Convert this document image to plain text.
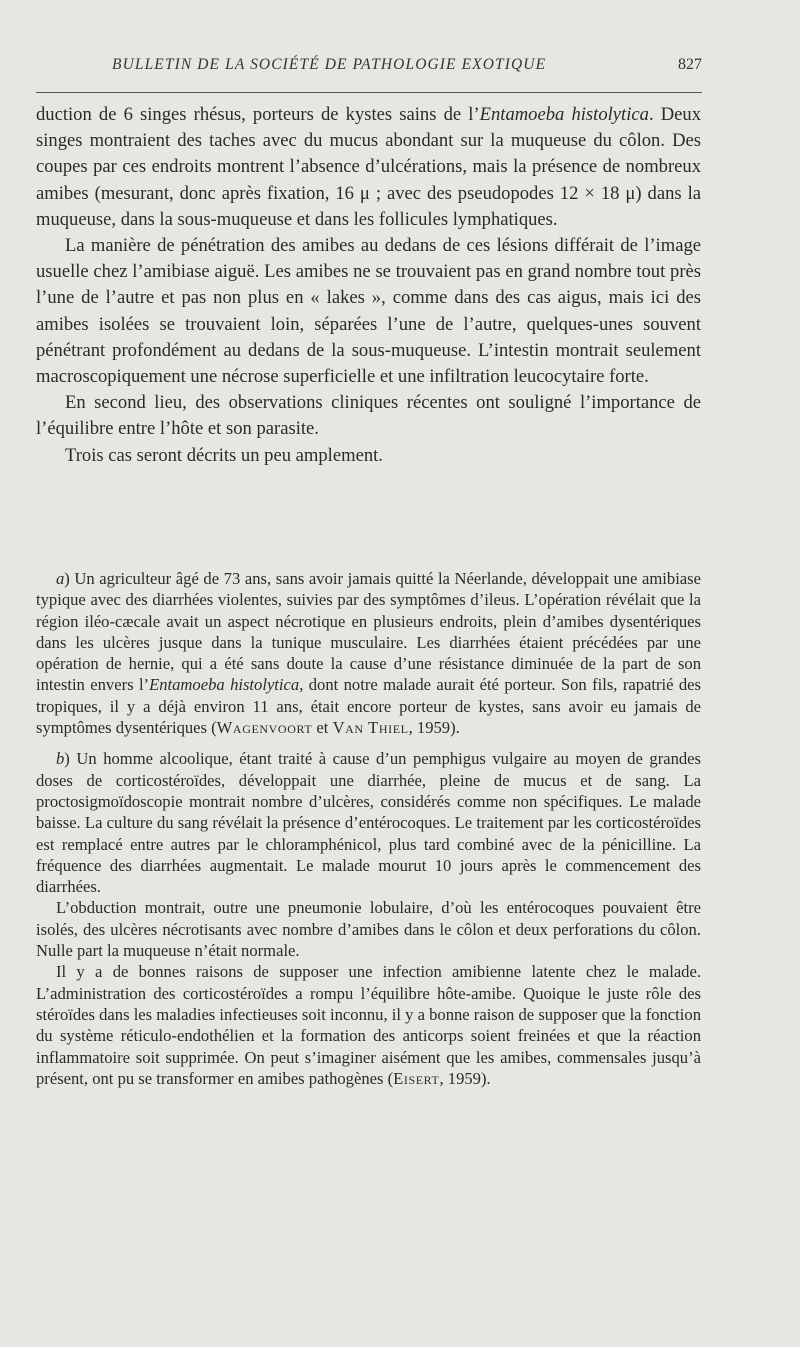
BULLETIN DE LA SOCIÉTÉ DE PATHOLOGIE EXOTIQUE	827

duction de 6 singes rhésus, porteurs de kystes sains de l’Entamoeba histolytica. Deux singes montraient des taches avec du mucus abondant sur la muqueuse du côlon. Des coupes par ces endroits montrent l’absence d’ulcérations, mais la présence de nombreux amibes (mesurant, donc après fixation, 16 μ ; avec des pseudopodes 12 × 18 μ) dans la muqueuse, dans la sous-muqueuse et dans les follicules lymphatiques.

La manière de pénétration des amibes au dedans de ces lésions différait de l’image usuelle chez l’amibiase aiguë. Les amibes ne se trouvaient pas en grand nombre tout près l’une de l’autre et pas non plus en « lakes », comme dans des cas aigus, mais ici des amibes isolées se trouvaient loin, séparées l’une de l’autre, quelques-unes souvent pénétrant profondément au dedans de la sous-muqueuse. L’intestin montrait seulement macroscopiquement une nécrose superficielle et une infiltration leucocytaire forte.

En second lieu, des observations cliniques récentes ont souligné l’importance de l’équilibre entre l’hôte et son parasite.

Trois cas seront décrits un peu amplement.

a) Un agriculteur âgé de 73 ans, sans avoir jamais quitté la Néerlande, développait une amibiase typique avec des diarrhées violentes, suivies par des symptômes d’ileus. L’opération révélait que la région iléo-cæcale avait un aspect nécrotique en plusieurs endroits, plein d’amibes dysentériques dans les ulcères jusque dans la tunique musculaire. Les diarrhées étaient précédées par une opération de hernie, qui a été sans doute la cause d’une résistance diminuée de la part de son intestin envers l’Entamoeba histolytica, dont notre malade aurait été porteur. Son fils, rapatrié des tropiques, il y a déjà environ 11 ans, était encore porteur de kystes, sans avoir eu jamais de symptômes dysentériques (Wagenvoort et Van Thiel, 1959).

b) Un homme alcoolique, étant traité à cause d’un pemphigus vulgaire au moyen de grandes doses de corticostéroïdes, développait une diarrhée, pleine de mucus et de sang. La proctosigmoïdoscopie montrait nombre d’ulcères, considérés comme non spécifiques. Le malade baisse. La culture du sang révélait la présence d’entérocoques. Le traitement par les corticostéroïdes est remplacé entre autres par le chloramphénicol, plus tard combiné avec de la pénicilline. La fréquence des diarrhées augmentait. Le malade mourut 10 jours après le commencement des diarrhées.

L’obduction montrait, outre une pneumonie lobulaire, d’où les entérocoques pouvaient être isolés, des ulcères nécrotisants avec nombre d’amibes dans le côlon et deux perforations du côlon. Nulle part la muqueuse n’était normale.

Il y a de bonnes raisons de supposer une infection amibienne latente chez le malade. L’administration des corticostéroïdes a rompu l’équilibre hôte-amibe. Quoique le juste rôle des stéroïdes dans les maladies infectieuses soit inconnu, il y a bonne raison de supposer que la fonction du système réticulo-endothélien et la formation des anticorps soient freinées et que la réaction inflammatoire soit supprimée. On peut s’imaginer aisément que les amibes, commensales jusqu’à présent, ont pu se transformer en amibes pathogènes (Eisert, 1959).
